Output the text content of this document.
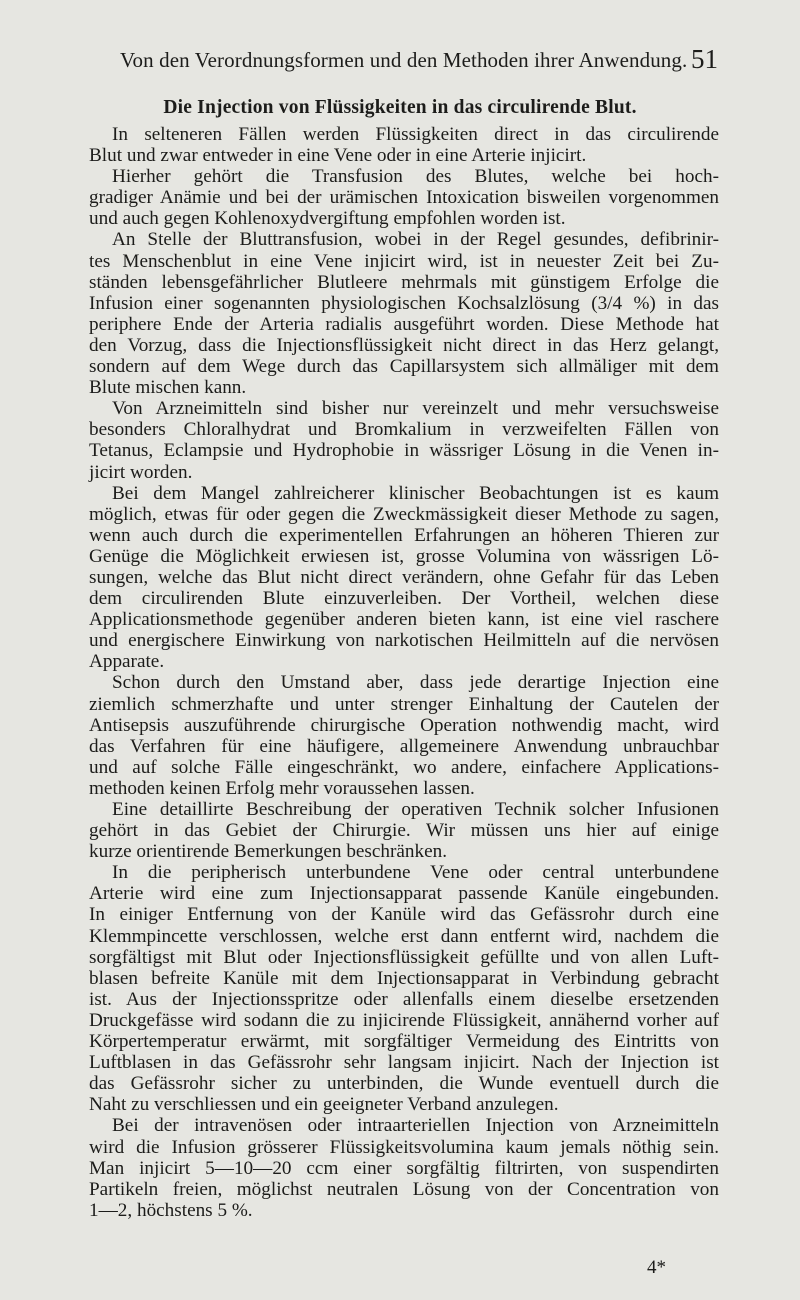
Von den Verordnungsformen und den Methoden ihrer Anwendung. 51
Die Injection von Flüssigkeiten in das circulirende Blut.
In selteneren Fällen werden Flüssigkeiten direct in das circulirende
Blut und zwar entweder in eine Vene oder in eine Arterie injicirt.
Hierher gehört die Transfusion des Blutes, welche bei hoch-
gradiger Anämie und bei der urämischen Intoxication bisweilen vorgenommen
und auch gegen Kohlenoxydvergiftung empfohlen worden ist.
An Stelle der Bluttransfusion, wobei in der Regel gesundes, defibrinir-
tes Menschenblut in eine Vene injicirt wird, ist in neuester Zeit bei Zu-
ständen lebensgefährlicher Blutleere mehrmals mit günstigem Erfolge die
Infusion einer sogenannten physiologischen Kochsalzlösung (3/4 %) in das
periphere Ende der Arteria radialis ausgeführt worden. Diese Methode hat
den Vorzug, dass die Injectionsflüssigkeit nicht direct in das Herz gelangt,
sondern auf dem Wege durch das Capillarsystem sich allmäliger mit dem
Blute mischen kann.
Von Arzneimitteln sind bisher nur vereinzelt und mehr versuchsweise
besonders Chloralhydrat und Bromkalium in verzweifelten Fällen von
Tetanus, Eclampsie und Hydrophobie in wässriger Lösung in die Venen in-
jicirt worden.
Bei dem Mangel zahlreicherer klinischer Beobachtungen ist es kaum
möglich, etwas für oder gegen die Zweckmässigkeit dieser Methode zu sagen,
wenn auch durch die experimentellen Erfahrungen an höheren Thieren zur
Genüge die Möglichkeit erwiesen ist, grosse Volumina von wässrigen Lö-
sungen, welche das Blut nicht direct verändern, ohne Gefahr für das Leben
dem circulirenden Blute einzuverleiben. Der Vortheil, welchen diese
Applicationsmethode gegenüber anderen bieten kann, ist eine viel raschere
und energischere Einwirkung von narkotischen Heilmitteln auf die nervösen
Apparate.
Schon durch den Umstand aber, dass jede derartige Injection eine
ziemlich schmerzhafte und unter strenger Einhaltung der Cautelen der
Antisepsis auszuführende chirurgische Operation nothwendig macht, wird
das Verfahren für eine häufigere, allgemeinere Anwendung unbrauchbar
und auf solche Fälle eingeschränkt, wo andere, einfachere Applications-
methoden keinen Erfolg mehr voraussehen lassen.
Eine detaillirte Beschreibung der operativen Technik solcher Infusionen
gehört in das Gebiet der Chirurgie. Wir müssen uns hier auf einige
kurze orientirende Bemerkungen beschränken.
In die peripherisch unterbundene Vene oder central unterbundene
Arterie wird eine zum Injectionsapparat passende Kanüle eingebunden.
In einiger Entfernung von der Kanüle wird das Gefässrohr durch eine
Klemmpincette verschlossen, welche erst dann entfernt wird, nachdem die
sorgfältigst mit Blut oder Injectionsflüssigkeit gefüllte und von allen Luft-
blasen befreite Kanüle mit dem Injectionsapparat in Verbindung gebracht
ist. Aus der Injectionsspritze oder allenfalls einem dieselbe ersetzenden
Druckgefässe wird sodann die zu injicirende Flüssigkeit, annähernd vorher auf
Körpertemperatur erwärmt, mit sorgfältiger Vermeidung des Eintritts von
Luftblasen in das Gefässrohr sehr langsam injicirt. Nach der Injection ist
das Gefässrohr sicher zu unterbinden, die Wunde eventuell durch die
Naht zu verschliessen und ein geeigneter Verband anzulegen.
Bei der intravenösen oder intraarteriellen Injection von Arzneimitteln
wird die Infusion grösserer Flüssigkeitsvolumina kaum jemals nöthig sein.
Man injicirt 5—10—20 ccm einer sorgfältig filtrirten, von suspendirten
Partikeln freien, möglichst neutralen Lösung von der Concentration von
1—2, höchstens 5 %.
4*
